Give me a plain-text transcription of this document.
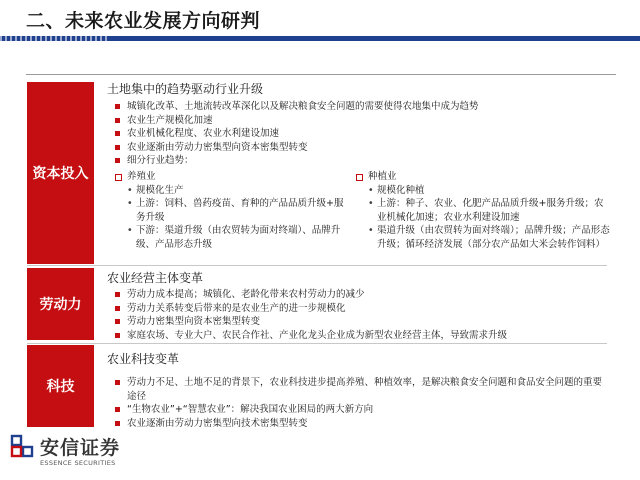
二、未来农业发展方向研判
资本投入
土地集中的趋势驱动行业升级
城镇化改革、土地流转改革深化以及解决粮食安全问题的需要使得农地集中成为趋势
农业生产规模化加速
农业机械化程度、农业水利建设加速
农业逐渐由劳动力密集型向资本密集型转变
细分行业趋势：
养殖业
• 规模化生产
• 上游：饲料、兽药疫苗、育种的产品品质升级+服务升级
• 下游：渠道升级（由农贸转为面对终端）、品牌升级、产品形态升级
种植业
• 规模化种植
• 上游：种子、农业、化肥产品品质升级+服务升级；农业机械化加速；农业水利建设加速
• 渠道升级（由农贸转为面对终端）；品牌升级；产品形态升级；循环经济发展（部分农产品如大米会转作饲料）
劳动力
农业经营主体变革
劳动力成本提高；城镇化、老龄化带来农村劳动力的减少
劳动力关系转变后带来的是农业生产的进一步规模化
劳动力密集型向资本密集型转变
家庭农场、专业大户、农民合作社、产业化龙头企业成为新型农业经营主体，导致需求升级
科技
农业科技变革
劳动力不足、土地不足的背景下，农业科技进步提高养殖、种植效率，是解决粮食安全问题和食品安全问题的重要途径
“生物农业”+“智慧农业”：解决我国农业困局的两大新方向
农业逐渐由劳动力密集型向技术密集型转变
安信证券
ESSENCE SECURITIES
